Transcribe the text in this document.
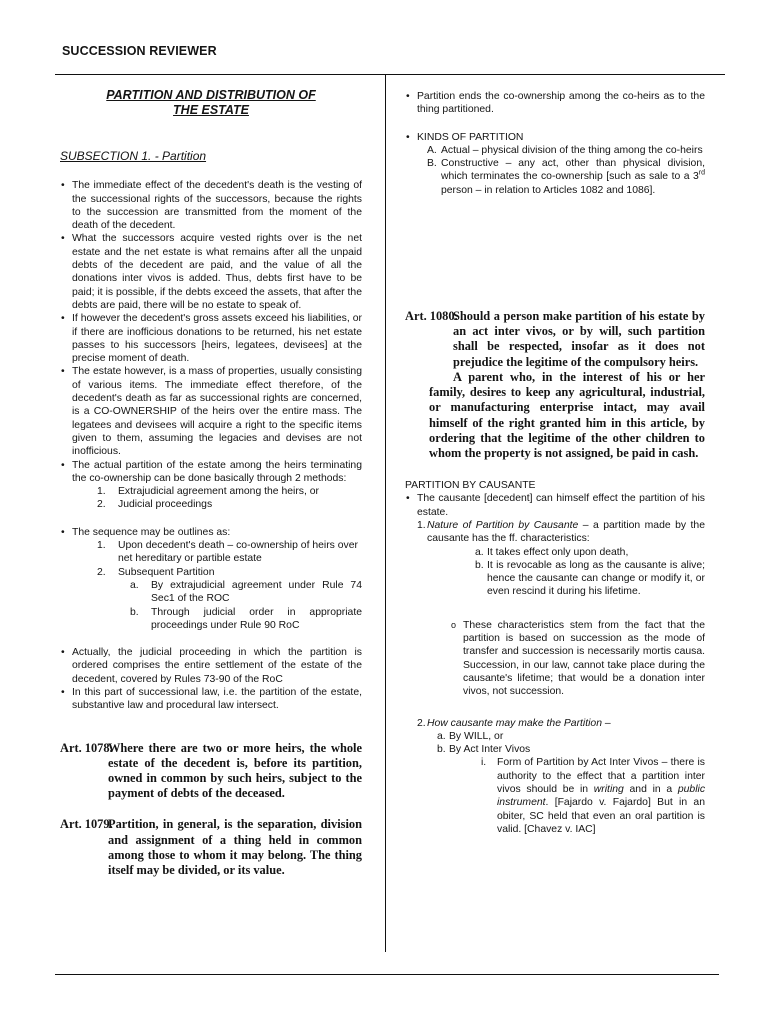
SUCCESSION REVIEWER
PARTITION AND DISTRIBUTION OF
THE ESTATE
SUBSECTION 1. - Partition
• The immediate effect of the decedent's death is the vesting of the successional rights of the successors, because the rights to the succession are transmitted from the moment of the death of the decedent.
• What the successors acquire vested rights over is the net estate and the net estate is what remains after all the unpaid debts of the decedent are paid, and the value of all the donations inter vivos is added. Thus, debts first have to be paid; it is possible, if the debts exceed the assets, that after the debts are paid, there will be no estate to speak of.
• If however the decedent's gross assets exceed his liabilities, or if there are inofficious donations to be returned, his net estate passes to his successors [heirs, legatees, devisees] at the precise moment of death.
• The estate however, is a mass of properties, usually consisting of various items. The immediate effect therefore, of the decedent's death as far as successional rights are concerned, is a CO-OWNERSHIP of the heirs over the entire mass. The legatees and devisees will acquire a right to the specific items given to them, assuming the legacies and devises are not inofficious.
• The actual partition of the estate among the heirs terminating the co-ownership can be done basically through 2 methods:
1. Extrajudicial agreement among the heirs, or
2. Judicial proceedings
• The sequence may be outlines as:
1. Upon decedent's death – co-ownership of heirs over net hereditary or partible estate
2. Subsequent Partition
a. By extrajudicial agreement under Rule 74 Sec1 of the ROC
b. Through judicial order in appropriate proceedings under Rule 90 RoC
• Actually, the judicial proceeding in which the partition is ordered comprises the entire settlement of the estate of the decedent, covered by Rules 73-90 of the RoC
• In this part of successional law, i.e. the partition of the estate, substantive law and procedural law intersect.
Art. 1078.
Where there are two or more heirs, the whole estate of the decedent is, before its partition, owned in common by such heirs, subject to the payment of debts of the deceased.
Art. 1079.
Partition, in general, is the separation, division and assignment of a thing held in common among those to whom it may belong. The thing itself may be divided, or its value.
• Partition ends the co-ownership among the co-heirs as to the thing partitioned.
• KINDS OF PARTITION
A. Actual – physical division of the thing among the co-heirs
B. Constructive – any act, other than physical division, which terminates the co-ownership [such as sale to a 3rd person – in relation to Articles 1082 and 1086].
Art. 1080.
Should a person make partition of his estate by an act inter vivos, or by will, such partition shall be respected, insofar as it does not prejudice the legitime of the compulsory heirs.
A parent who, in the interest of his or her family, desires to keep any agricultural, industrial, or manufacturing enterprise intact, may avail himself of the right granted him in this article, by ordering that the legitime of the other children to whom the property is not assigned, be paid in cash.
PARTITION BY CAUSANTE
• The causante [decedent] can himself effect the partition of his estate.
1. Nature of Partition by Causante – a partition made by the causante has the ff. characteristics:
a. It takes effect only upon death,
b. It is revocable as long as the causante is alive; hence the causante can change or modify it, or even rescind it during his lifetime.
o These characteristics stem from the fact that the partition is based on succession as the mode of transfer and succession is necessarily mortis causa. Succession, in our law, cannot take place during the causante's lifetime; that would be a donation inter vivos, not succession.
2. How causante may make the Partition –
a. By WILL, or
b. By Act Inter Vivos
i. Form of Partition by Act Inter Vivos – there is authority to the effect that a partition inter vivos should be in writing and in a public instrument. [Fajardo v. Fajardo] But in an obiter, SC held that even an oral partition is valid. [Chavez v. IAC]
